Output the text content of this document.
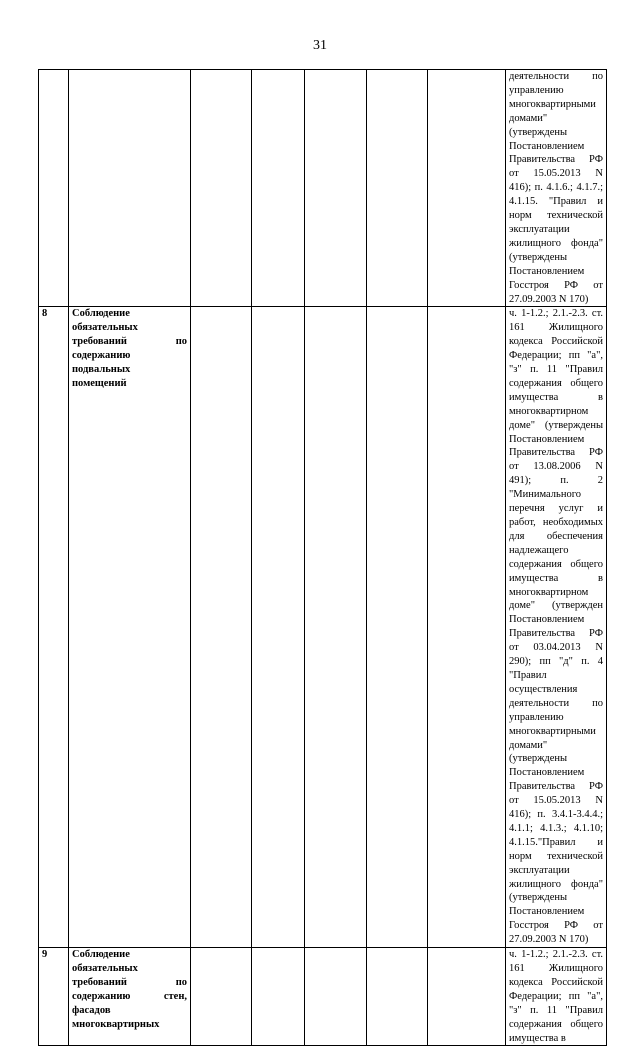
31
							деятельности по управлению многоквартирными домами" (утверждены Постановлением Правительства РФ от 15.05.2013 N 416); п. 4.1.6.; 4.1.7.; 4.1.15. "Правил и норм технической эксплуатации жилищного фонда" (утверждены Постановлением Госстроя РФ от 27.09.2003 N 170)
8	Соблюдение обязательных требований по содержанию подвальных помещений						ч. 1-1.2.; 2.1.-2.3. ст. 161 Жилищного кодекса Российской Федерации; пп "а", "з" п. 11 "Правил содержания общего имущества в многоквартирном доме" (утверждены Постановлением Правительства РФ от 13.08.2006 N 491); п. 2 "Минимального перечня услуг и работ, необходимых для обеспечения надлежащего содержания общего имущества в многоквартирном доме" (утвержден Постановлением Правительства РФ от 03.04.2013 N 290); пп "д" п. 4 "Правил осуществления деятельности по управлению многоквартирными домами" (утверждены Постановлением Правительства РФ от 15.05.2013 N 416); п. 3.4.1-3.4.4.; 4.1.1; 4.1.3.; 4.1.10; 4.1.15."Правил и норм технической эксплуатации жилищного фонда" (утверждены Постановлением Госстроя РФ от 27.09.2003 N 170)
9	Соблюдение обязательных требований по содержанию стен, фасадов многоквартирных						ч. 1-1.2.; 2.1.-2.3. ст. 161 Жилищного кодекса Российской Федерации; пп "а", "з" п. 11 "Правил содержания общего имущества в
